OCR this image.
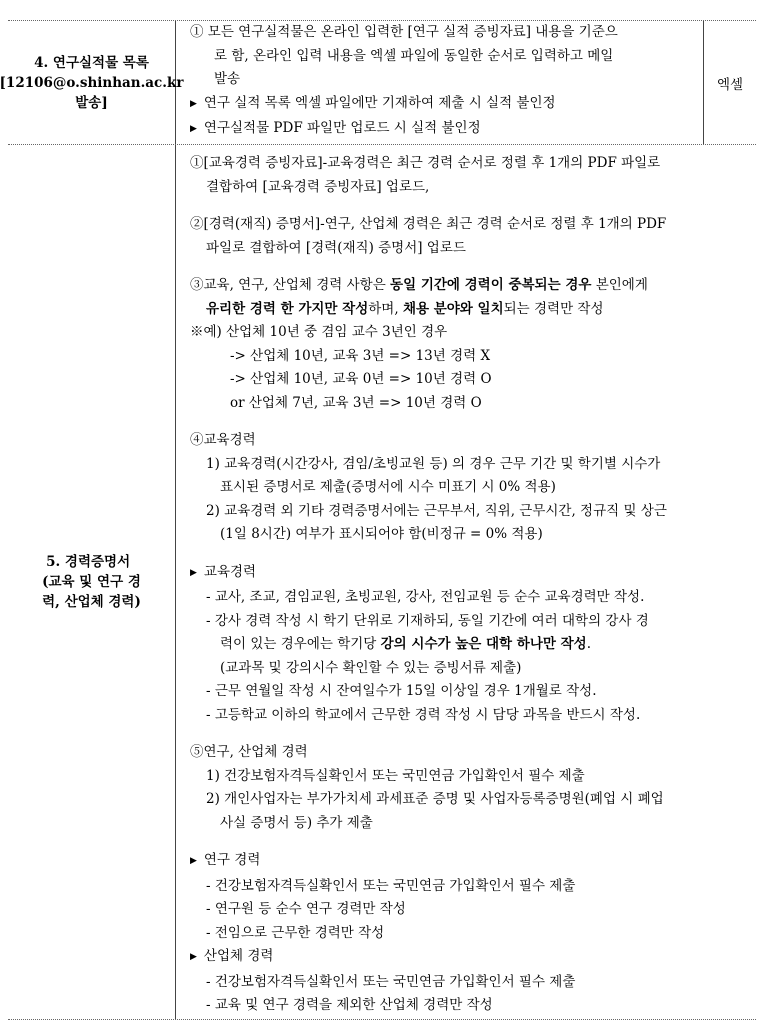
4. 연구실적물 목록
[12106@o.shinhan.ac.kr
발송]
① 모든 연구실적물은 온라인 입력한 [연구 실적 증빙자료] 내용을 기준으
로 함, 온라인 입력 내용을 엑셀 파일에 동일한 순서로 입력하고 메일
발송
▶ 연구 실적 목록 엑셀 파일에만 기재하여 제출 시 실적 불인정
▶ 연구실적물 PDF 파일만 업로드 시 실적 불인정
엑셀
5. 경력증명서
(교육 및 연구 경
력, 산업체 경력)
①[교육경력 증빙자료]-교육경력은 최근 경력 순서로 정렬 후 1개의 PDF 파일로
결합하여 [교육경력 증빙자료] 업로드,
②[경력(재직) 증명서]-연구, 산업체 경력은 최근 경력 순서로 정렬 후 1개의 PDF
파일로 결합하여 [경력(재직) 증명서] 업로드
③교육, 연구, 산업체 경력 사항은 동일 기간에 경력이 중복되는 경우 본인에게
유리한 경력 한 가지만 작성하며, 채용 분야와 일치되는 경력만 작성
※예) 산업체 10년 중 겸임 교수 3년인 경우
-> 산업체 10년, 교육 3년 => 13년 경력 X
-> 산업체 10년, 교육 0년 => 10년 경력 O
or 산업체 7년, 교육 3년 => 10년 경력 O
④교육경력
1) 교육경력(시간강사, 겸임/초빙교원 등) 의 경우 근무 기간 및 학기별 시수가
표시된 증명서로 제출(증명서에 시수 미표기 시 0% 적용)
2) 교육경력 외 기타 경력증명서에는 근무부서, 직위, 근무시간, 정규직 및 상근
(1일 8시간) 여부가 표시되어야 함(비정규 = 0% 적용)
▶ 교육경력
- 교사, 조교, 겸임교원, 초빙교원, 강사, 전임교원 등 순수 교육경력만 작성.
- 강사 경력 작성 시 학기 단위로 기재하되, 동일 기간에 여러 대학의 강사 경
력이 있는 경우에는 학기당 강의 시수가 높은 대학 하나만 작성.
(교과목 및 강의시수 확인할 수 있는 증빙서류 제출)
- 근무 연월일 작성 시 잔여일수가 15일 이상일 경우 1개월로 작성.
- 고등학교 이하의 학교에서 근무한 경력 작성 시 담당 과목을 반드시 작성.
⑤연구, 산업체 경력
1) 건강보험자격득실확인서 또는 국민연금 가입확인서 필수 제출
2) 개인사업자는 부가가치세 과세표준 증명 및 사업자등록증명원(폐업 시 폐업
사실 증명서 등) 추가 제출
▶ 연구 경력
- 건강보험자격득실확인서 또는 국민연금 가입확인서 필수 제출
- 연구원 등 순수 연구 경력만 작성
- 전임으로 근무한 경력만 작성
▶ 산업체 경력
- 건강보험자격득실확인서 또는 국민연금 가입확인서 필수 제출
- 교육 및 연구 경력을 제외한 산업체 경력만 작성
